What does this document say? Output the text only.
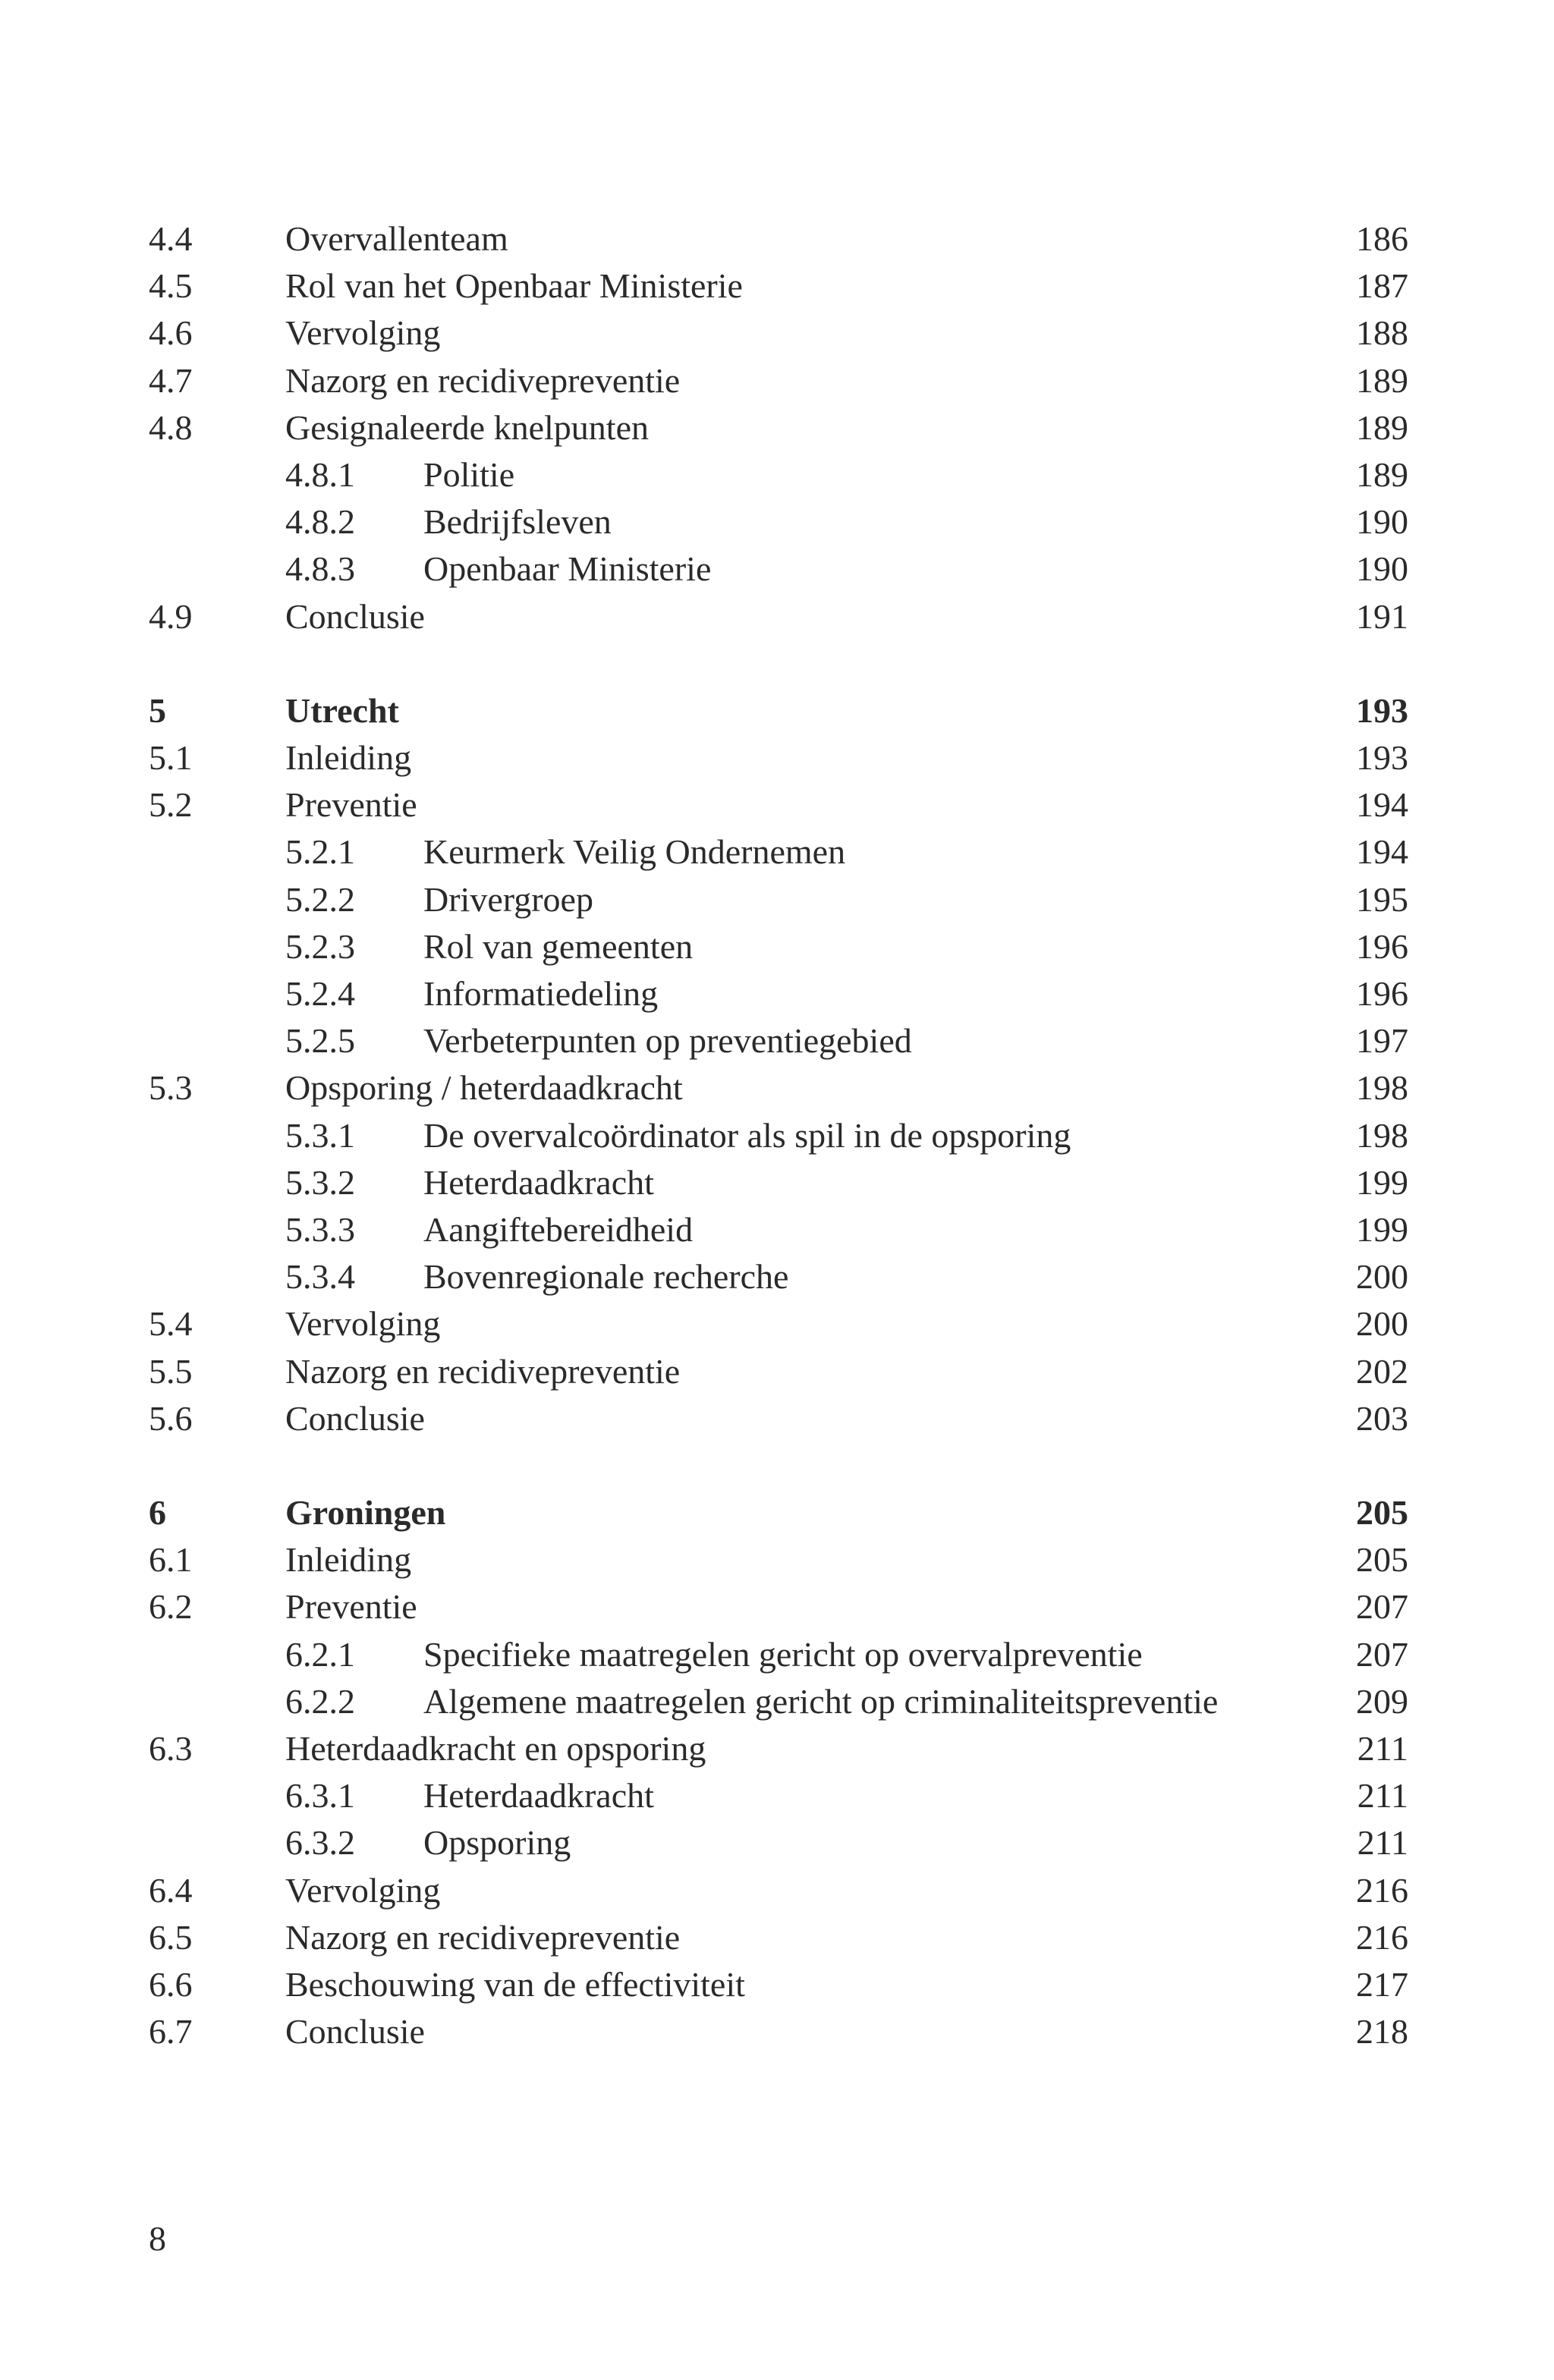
4.4	Overvallenteam	186
4.5	Rol van het Openbaar Ministerie	187
4.6	Vervolging	188
4.7	Nazorg en recidivepreventie	189
4.8	Gesignaleerde knelpunten	189
4.8.1 Politie	189
4.8.2 Bedrijfsleven	190
4.8.3 Openbaar Ministerie	190
4.9	Conclusie	191
5	Utrecht	193
5.1	Inleiding	193
5.2	Preventie	194
5.2.1 Keurmerk Veilig Ondernemen	194
5.2.2 Drivergroep	195
5.2.3 Rol van gemeenten	196
5.2.4 Informatiedeling	196
5.2.5 Verbeterpunten op preventiegebied	197
5.3	Opsporing / heterdaadkracht	198
5.3.1 De overvalcoördinator als spil in de opsporing	198
5.3.2 Heterdaadkracht	199
5.3.3 Aangiftebereidheid	199
5.3.4 Bovenregionale recherche	200
5.4	Vervolging	200
5.5	Nazorg en recidivepreventie	202
5.6	Conclusie	203
6	Groningen	205
6.1	Inleiding	205
6.2	Preventie	207
6.2.1 Specifieke maatregelen gericht op overvalpreventie	207
6.2.2 Algemene maatregelen gericht op criminaliteitspreventie	209
6.3	Heterdaadkracht en opsporing	211
6.3.1 Heterdaadkracht	211
6.3.2 Opsporing	211
6.4	Vervolging	216
6.5	Nazorg en recidivepreventie	216
6.6	Beschouwing van de effectiviteit	217
6.7	Conclusie	218
8
